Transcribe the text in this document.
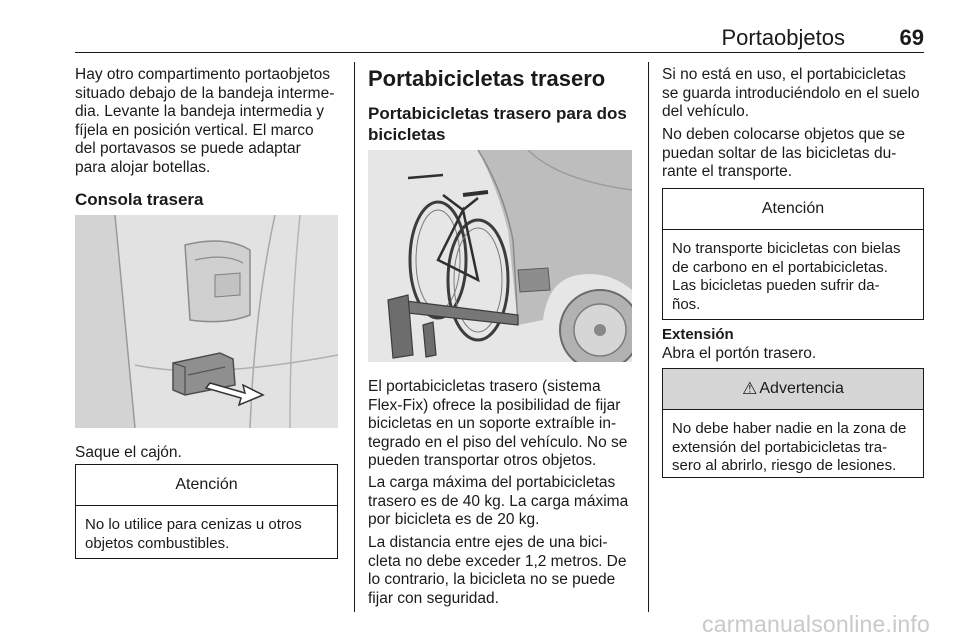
Portaobjetos 69
Hay otro compartimento portaobjetos
situado debajo de la bandeja interme‑
dia. Levante la bandeja intermedia y
fíjela en posición vertical. El marco
del portavasos se puede adaptar
para alojar botellas.
Consola trasera
Saque el cajón.
Atención
No lo utilice para cenizas u otros
objetos combustibles.
Portabicicletas trasero
Portabicicletas trasero para dos
bicicletas
El portabicicletas trasero (sistema
Flex-Fix) ofrece la posibilidad de fijar
bicicletas en un soporte extraíble in‑
tegrado en el piso del vehículo. No se
pueden transportar otros objetos.
La carga máxima del portabicicletas
trasero es de 40 kg. La carga máxima
por bicicleta es de 20 kg.
La distancia entre ejes de una bici‑
cleta no debe exceder 1,2 metros. De
lo contrario, la bicicleta no se puede
fijar con seguridad.
Si no está en uso, el portabicicletas
se guarda introduciéndolo en el suelo
del vehículo.
No deben colocarse objetos que se
puedan soltar de las bicicletas du‑
rante el transporte.
Atención
No transporte bicicletas con bielas
de carbono en el portabicicletas.
Las bicicletas pueden sufrir da‑
ños.
Extensión
Abra el portón trasero.
⚠ Advertencia
No debe haber nadie en la zona de
extensión del portabicicletas tra‑
sero al abrirlo, riesgo de lesiones.
carmanualsonline.info
